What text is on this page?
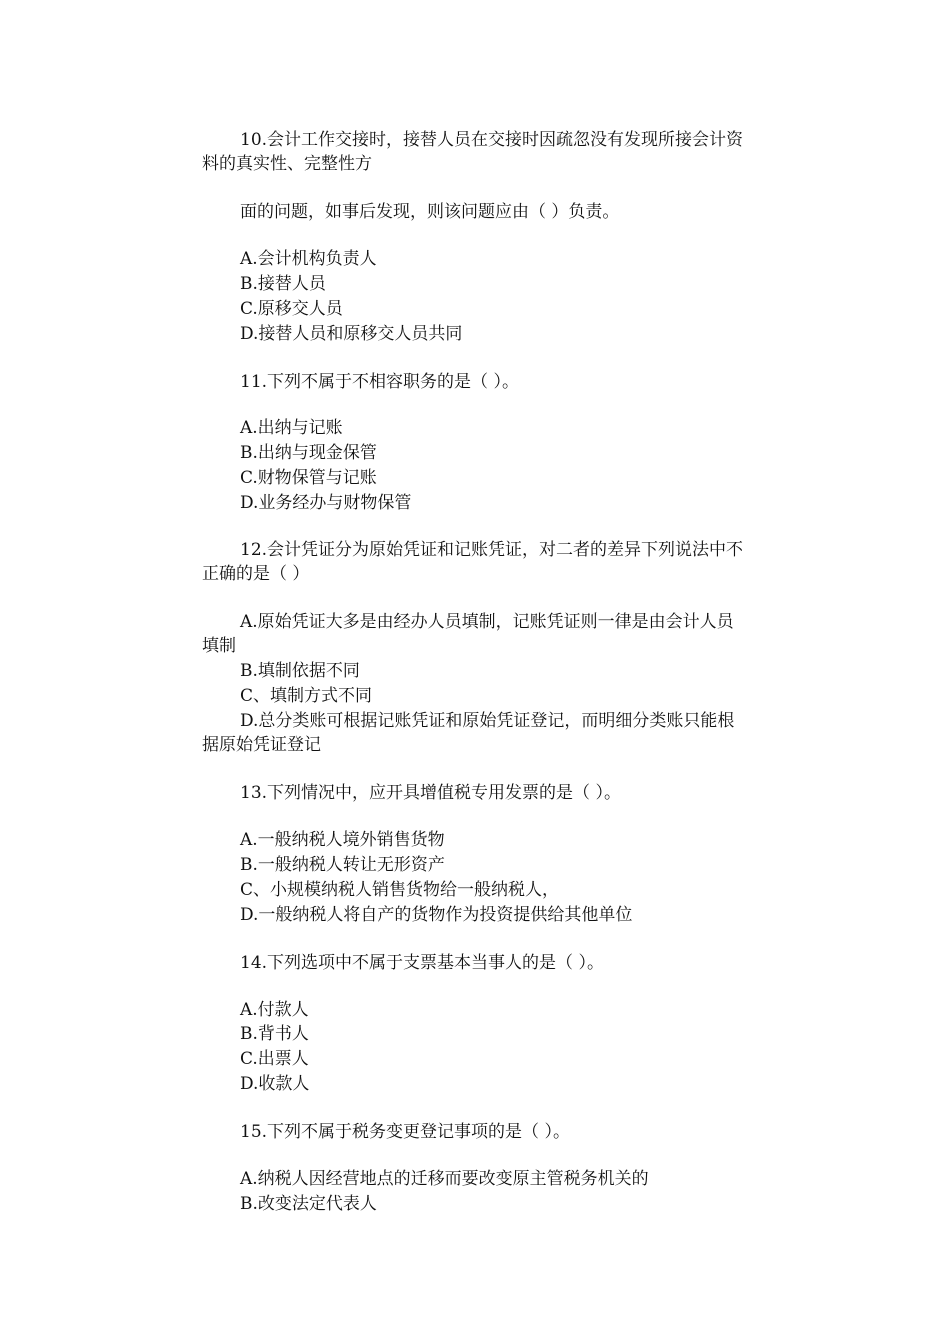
10.会计工作交接时，接替人员在交接时因疏忽没有发现所接会计资
料的真实性、完整性方
面的问题，如事后发现，则该问题应由（ ）负责。
A.会计机构负责人
B.接替人员
C.原移交人员
D.接替人员和原移交人员共同
11.下列不属于不相容职务的是（ ）。
A.出纳与记账
B.出纳与现金保管
C.财物保管与记账
D.业务经办与财物保管
12.会计凭证分为原始凭证和记账凭证，对二者的差异下列说法中不
正确的是（ ）
A.原始凭证大多是由经办人员填制，记账凭证则一律是由会计人员
填制
B.填制依据不同
C、填制方式不同
D.总分类账可根据记账凭证和原始凭证登记，而明细分类账只能根
据原始凭证登记
13.下列情况中，应开具增值税专用发票的是（ ）。
A.一般纳税人境外销售货物
B.一般纳税人转让无形资产
C、小规模纳税人销售货物给一般纳税人，
D.一般纳税人将自产的货物作为投资提供给其他单位
14.下列选项中不属于支票基本当事人的是（ ）。
A.付款人
B.背书人
C.出票人
D.收款人
15.下列不属于税务变更登记事项的是（ ）。
A.纳税人因经营地点的迁移而要改变原主管税务机关的
B.改变法定代表人
